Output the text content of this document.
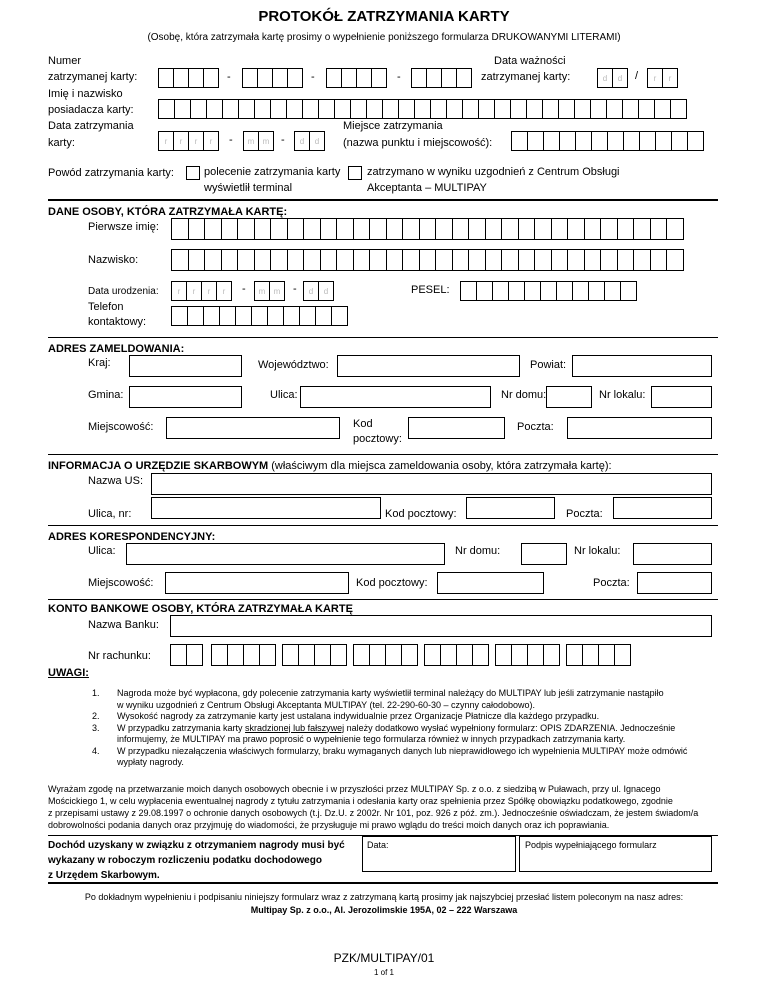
PROTOKÓŁ ZATRZYMANIA KARTY
(Osobę, która zatrzymała kartę prosimy o wypełnienie poniższego formularza DRUKOWANYMI LITERAMI)
Numer
zatrzymanej karty:	-	-	-
Data ważności
zatrzymanej karty:	d	d	/	r	r
Imię i nazwisko
posiadacza karty:
Data zatrzymania
karty:	r	r	r	r	-	m	m	-	d	d
Miejsce zatrzymania
(nazwa punktu i miejscowość):
Powód zatrzymania karty:	polecenie zatrzymania karty
wyświetlił terminal
zatrzymano w wyniku uzgodnień z Centrum Obsługi
Akceptanta – MULTIPAY
DANE OSOBY, KTÓRA ZATRZYMAŁA KARTĘ:
Pierwsze imię:
Nazwisko:
Data urodzenia:	r	r	r	r	-	m	m	-	d	d	PESEL:
Telefon
kontaktowy:
ADRES ZAMELDOWANIA:
Kraj:	Województwo:	Powiat:
Gmina:	Ulica:	Nr domu:	Nr lokalu:
Miejscowość:	Kod
pocztowy:
Poczta:
INFORMACJA O URZĘDZIE SKARBOWYM (właściwym dla miejsca zameldowania osoby, która zatrzymała kartę):
Nazwa US:
Ulica, nr:	Kod pocztowy:	Poczta:
ADRES KORESPONDENCYJNY:
Ulica:	Nr domu:	Nr lokalu:
Miejscowość:	Kod pocztowy:	Poczta:
KONTO BANKOWE OSOBY, KTÓRA ZATRZYMAŁA KARTĘ
Nazwa Banku:
Nr rachunku:
UWAGI:
1. Nagroda może być wypłacona, gdy polecenie zatrzymania karty wyświetlił terminal należący do MULTIPAY lub jeśli zatrzymanie nastąpiło
w wyniku uzgodnień z Centrum Obsługi Akceptanta MULTIPAY (tel. 22-290-60-30 – czynny całodobowo).
2. Wysokość nagrody za zatrzymanie karty jest ustalana indywidualnie przez Organizacje Płatnicze dla każdego przypadku.
3. W przypadku zatrzymania karty skradzionej lub fałszywej należy dodatkowo wysłać wypełniony formularz: OPIS ZDARZENIA. Jednocześnie
informujemy, że MULTIPAY ma prawo poprosić o wypełnienie tego formularza również w innych przypadkach zatrzymania karty.
4. W przypadku niezałączenia właściwych formularzy, braku wymaganych danych lub nieprawidłowego ich wypełnienia MULTIPAY może odmówić
wypłaty nagrody.
Wyrażam zgodę na przetwarzanie moich danych osobowych obecnie i w przyszłości przez MULTIPAY Sp. z o.o. z siedzibą w Puławach, przy ul. Ignacego
Mościckiego 1, w celu wypłacenia ewentualnej nagrody z tytułu zatrzymania i odesłania karty oraz spełnienia przez Spółkę obowiązku podatkowego, zgodnie
z przepisami ustawy z 29.08.1997 o ochronie danych osobowych (t.j. Dz.U. z 2002r. Nr 101, poz. 926 z póź. zm.). Jednocześnie oświadczam, że jestem świadom/a
dobrowolności podania danych oraz przyjmuję do wiadomości, że przysługuje mi prawo wglądu do treści moich danych oraz ich poprawiania.
Dochód uzyskany w związku z otrzymaniem nagrody musi być
wykazany w roboczym rozliczeniu podatku dochodowego
z Urzędem Skarbowym.
Data:	Podpis wypełniającego formularz
Po dokładnym wypełnieniu i podpisaniu niniejszy formularz wraz z zatrzymaną kartą prosimy jak najszybciej przesłać listem poleconym na nasz adres:
Multipay Sp. z o.o., Al. Jerozolimskie 195A, 02 – 222 Warszawa
PZK/MULTIPAY/01
1 of 1
